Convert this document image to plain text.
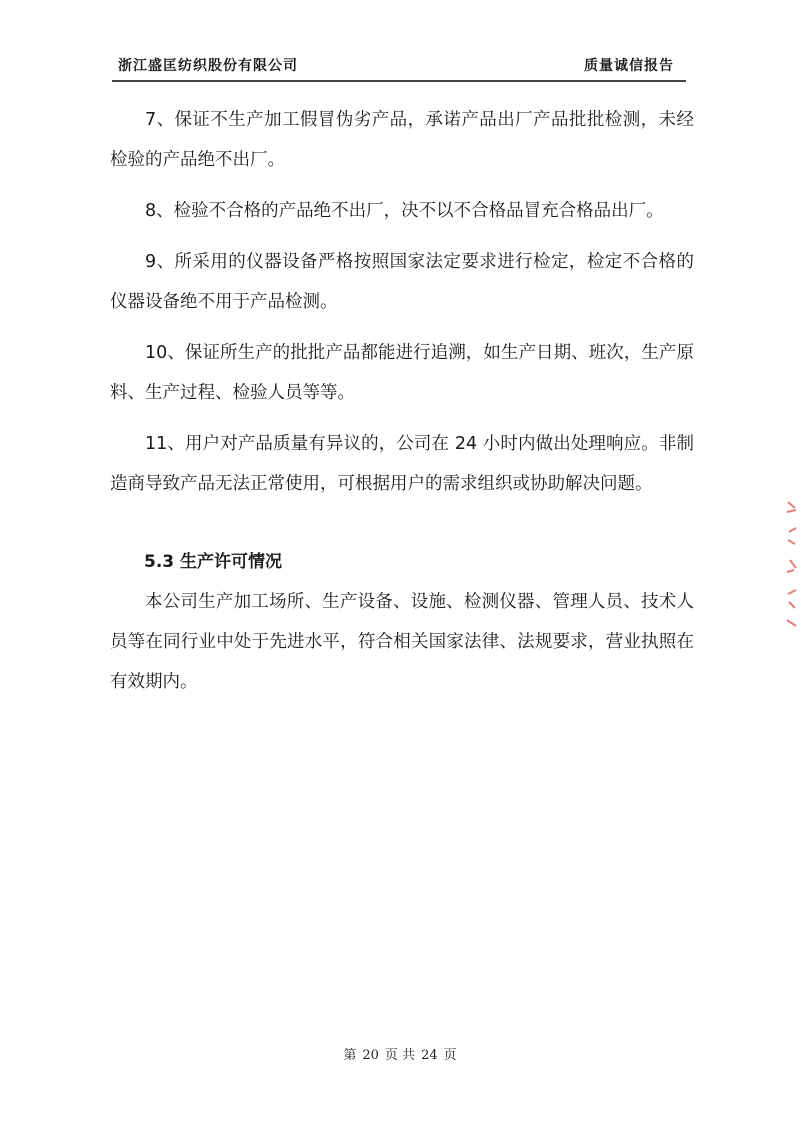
浙江盛匡纺织股份有限公司	质量诚信报告

7、保证不生产加工假冒伪劣产品，承诺产品出厂产品批批检测，未经检验的产品绝不出厂。

8、检验不合格的产品绝不出厂，决不以不合格品冒充合格品出厂。

9、所采用的仪器设备严格按照国家法定要求进行检定，检定不合格的仪器设备绝不用于产品检测。

10、保证所生产的批批产品都能进行追溯，如生产日期、班次，生产原料、生产过程、检验人员等等。

11、用户对产品质量有异议的，公司在 24 小时内做出处理响应。非制造商导致产品无法正常使用，可根据用户的需求组织或协助解决问题。

5.3 生产许可情况

本公司生产加工场所、生产设备、设施、检测仪器、管理人员、技术人员等在同行业中处于先进水平，符合相关国家法律、法规要求，营业执照在有效期内。

第 20 页 共 24 页
